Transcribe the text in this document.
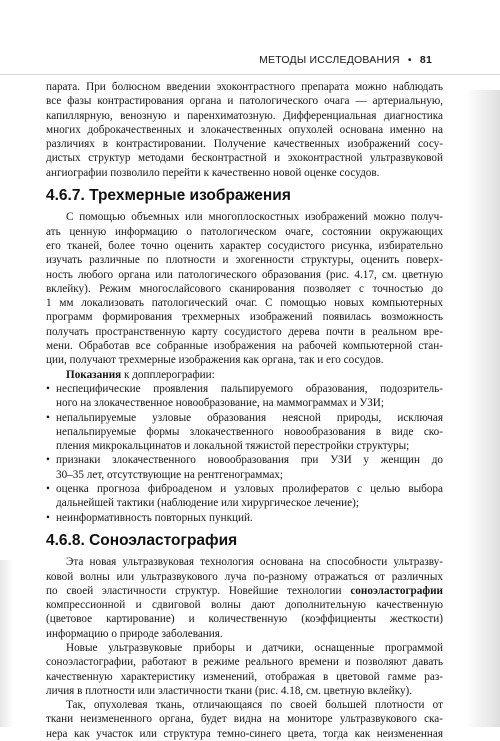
МЕТОДЫ ИССЛЕДОВАНИЯ • 81
парата. При болюсном введении эхоконтрастного препарата можно наблюдать
все фазы контрастирования органа и патологического очага — артериальную,
капиллярную, венозную и паренхиматозную. Дифференциальная диагностика
многих доброкачественных и злокачественных опухолей основана именно на
различиях в контрастировании. Получение качественных изображений сосу-
дистых структур методами бесконтрастной и эхоконтрастной ультразвуковой
ангиографии позволило перейти к качественно новой оценке сосудов.
4.6.7. Трехмерные изображения
С помощью объемных или многоплоскостных изображений можно получ-
ать ценную информацию о патологическом очаге, состоянии окружающих
его тканей, более точно оценить характер сосудистого рисунка, избирательно
изучать различные по плотности и эхогенности структуры, оценить поверх-
ность любого органа или патологического образования (рис. 4.17, см. цветную
вклейку). Режим многослайсового сканирования позволяет с точностью до
1 мм локализовать патологический очаг. С помощью новых компьютерных
программ формирования трехмерных изображений появилась возможность
получать пространственную карту сосудистого дерева почти в реальном вре-
мени. Обработав все собранные изображения на рабочей компьютерной стан-
ции, получают трехмерные изображения как органа, так и его сосудов.
Показания к допплерографии:
• неспецифические проявления пальпируемого образования, подозритель-
ного на злокачественное новообразование, на маммограммах и УЗИ;
• непальпируемые узловые образования неясной природы, исключая
непальпируемые формы злокачественного новообразования в виде ско-
пления микрокальцинатов и локальной тяжистой перестройки структуры;
• признаки злокачественного новообразования при УЗИ у женщин до
30–35 лет, отсутствующие на рентгенограммах;
• оценка прогноза фиброаденом и узловых пролифератов с целью выбора
дальнейшей тактики (наблюдение или хирургическое лечение);
• неинформативность повторных пункций.
4.6.8. Соноэластография
Эта новая ультразвуковая технология основана на способности ультразву-
ковой волны или ультразвукового луча по-разному отражаться от различных
по своей эластичности структур. Новейшие технологии соноэластографии
компрессионной и сдвиговой волны дают дополнительную качественную
(цветовое картирование) и количественную (коэффициенты жесткости)
информацию о природе заболевания.
Новые ультразвуковые приборы и датчики, оснащенные программой
соноэластографии, работают в режиме реального времени и позволяют давать
качественную характеристику изменений, отображая в цветовой гамме раз-
личия в плотности или эластичности ткани (рис. 4.18, см. цветную вклейку).
Так, опухолевая ткань, отличающаяся по своей большей плотности от
ткани неизмененного органа, будет видна на мониторе ультразвукового ска-
нера как участок или структура темно-синего цвета, тогда как неизмененная
